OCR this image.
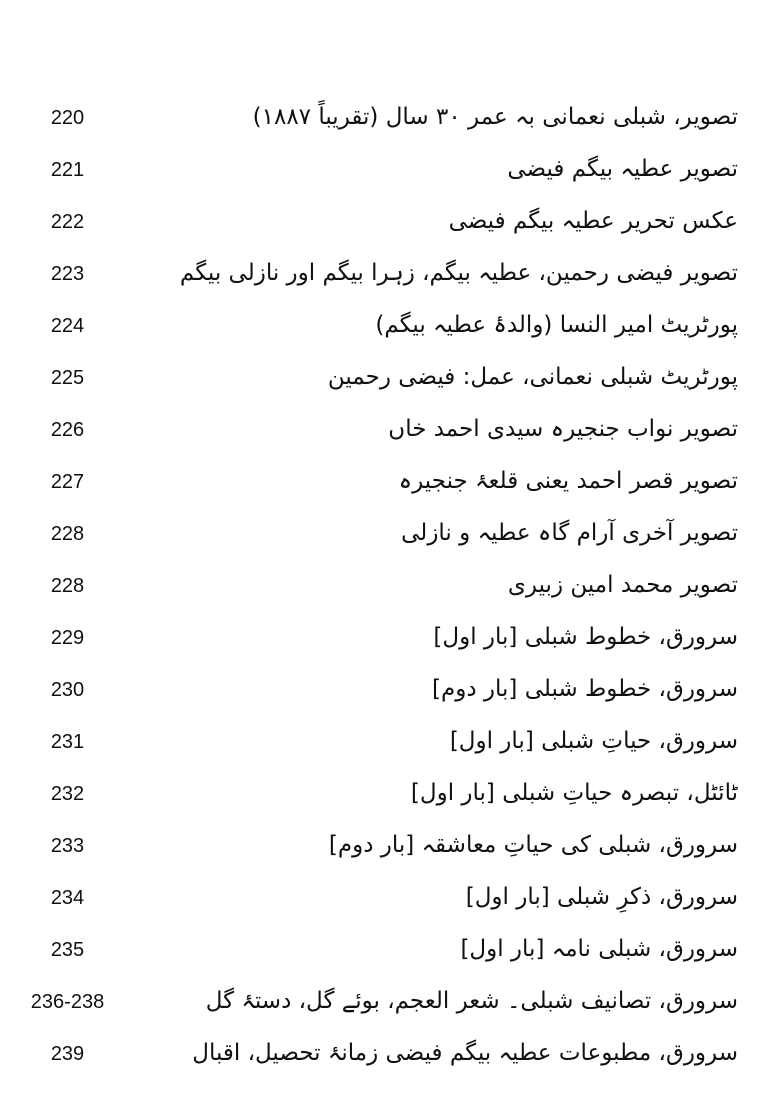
220	تصویر، شبلی نعمانی بہ عمر ۳۰ سال (تقریباً ۱۸۸۷)
221	تصویر عطیہ بیگم فیضی
222	عکس تحریر عطیہ بیگم فیضی
223	تصویر فیضی رحمین، عطیہ بیگم، زہرا بیگم اور نازلی بیگم
224	پورٹریٹ امیر النسا (والدۂ عطیہ بیگم)
225	پورٹریٹ شبلی نعمانی، عمل: فیضی رحمین
226	تصویر نواب جنجیرہ سیدی احمد خاں
227	تصویر قصر احمد یعنی قلعۂ جنجیرہ
228	تصویر آخری آرام گاہ عطیہ و نازلی
228	تصویر محمد امین زبیری
229	سرورق، خطوط شبلی [بار اول]
230	سرورق، خطوط شبلی [بار دوم]
231	سرورق، حیاتِ شبلی [بار اول]
232	ٹائٹل، تبصرہ حیاتِ شبلی [بار اول]
233	سرورق، شبلی کی حیاتِ معاشقہ [بار دوم]
234	سرورق، ذکرِ شبلی [بار اول]
235	سرورق، شبلی نامہ [بار اول]
236-238	سرورق، تصانیف شبلی۔ شعر العجم، بوئے گل، دستۂ گل
239	سرورق، مطبوعات عطیہ بیگم فیضی زمانۂ تحصیل، اقبال
